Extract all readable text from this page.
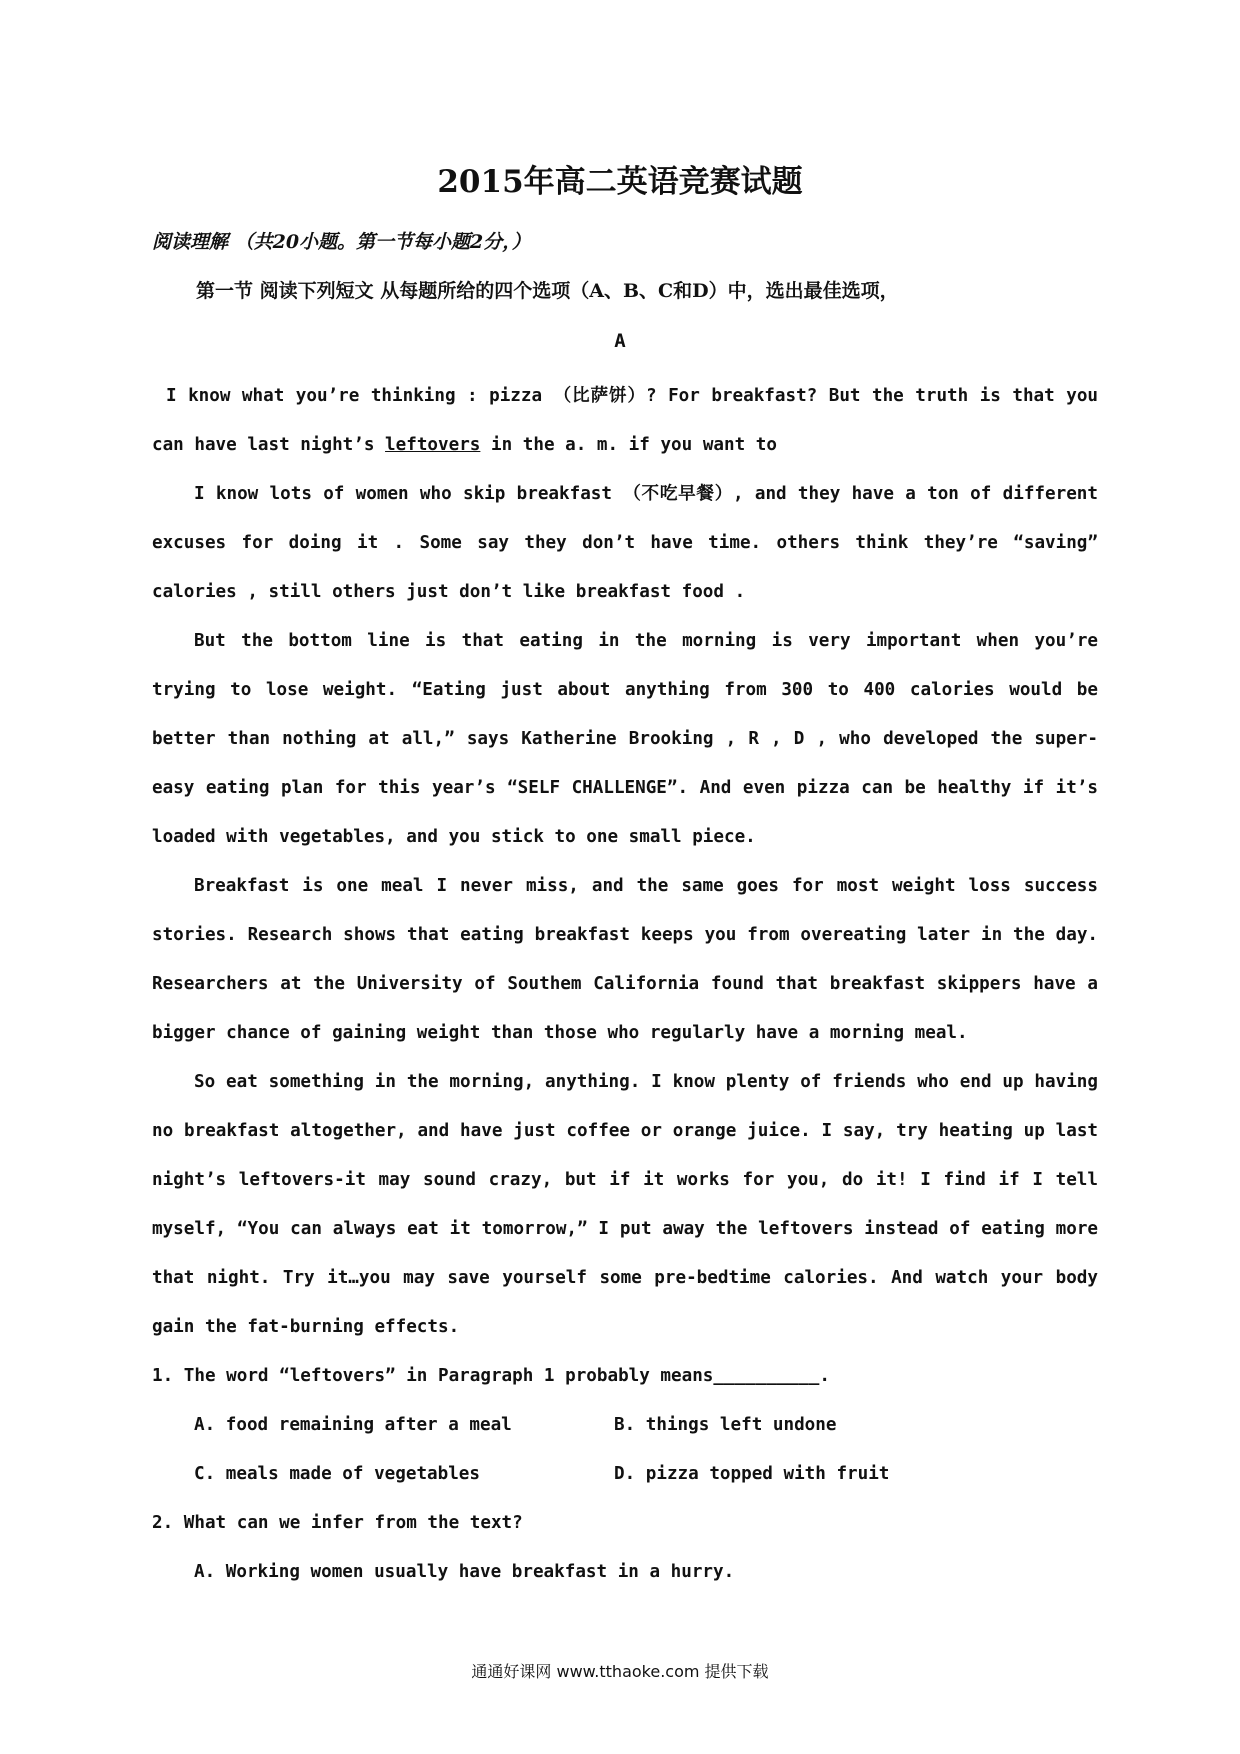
2015年高二英语竞赛试题
阅读理解 （共20小题。第一节每小题2分，）
第一节 阅读下列短文 从每题所给的四个选项（A、B、C和D）中，选出最佳选项，
A

I know what you’re thinking : pizza （比萨饼）? For breakfast? But the truth is that you can have last night’s leftovers in the a. m. if you want to

I know lots of women who skip breakfast （不吃早餐）, and they have a ton of different excuses for doing it . Some say they don’t have time. others think they’re “saving” calories , still others just don’t like breakfast food .

But the bottom line is that eating in the morning is very important when you’re trying to lose weight. “Eating just about anything from 300 to 400 calories would be better than nothing at all,” says Katherine Brooking , R , D , who developed the super-easy eating plan for this year’s “SELF CHALLENGE”. And even pizza can be healthy if it’s loaded with vegetables, and you stick to one small piece.

Breakfast is one meal I never miss, and the same goes for most weight loss success stories. Research shows that eating breakfast keeps you from overeating later in the day. Researchers at the University of Southem California found that breakfast skippers have a bigger chance of gaining weight than those who regularly have a morning meal.

So eat something in the morning, anything. I know plenty of friends who end up having no breakfast altogether, and have just coffee or orange juice. I say, try heating up last night’s leftovers-it may sound crazy, but if it works for you, do it! I find if I tell myself, “You can always eat it tomorrow,” I put away the leftovers instead of eating more that night. Try it…you may save yourself some pre-bedtime calories. And watch your body gain the fat-burning effects.

1. The word “leftovers” in Paragraph 1 probably means__________.
A. food remaining after a meal	B. things left undone
C. meals made of vegetables	D. pizza topped with fruit
2. What can we infer from the text?
A. Working women usually have breakfast in a hurry.
通通好课网 www.tthaoke.com 提供下载
